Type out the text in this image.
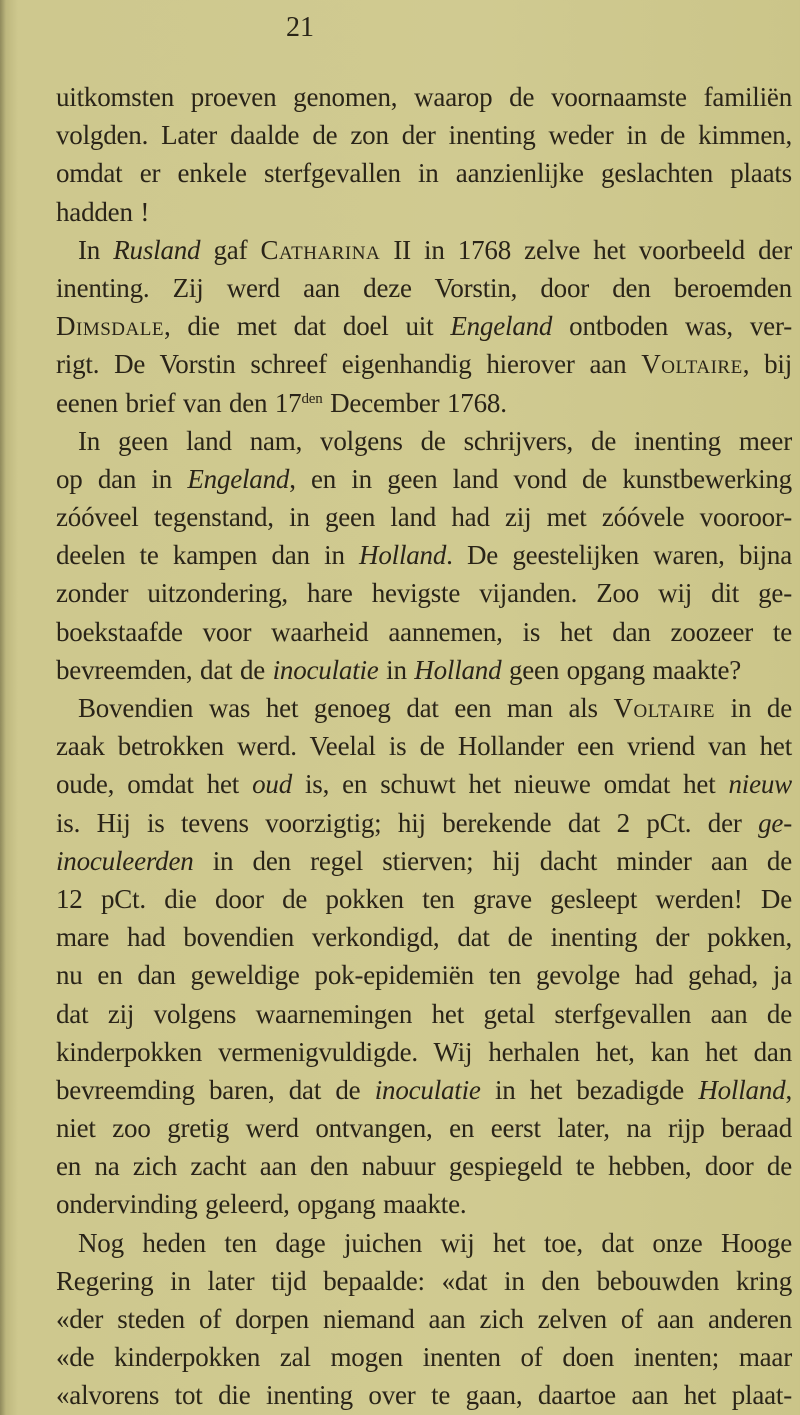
21
uitkomsten proeven genomen, waarop de voornaamste familiën
volgden. Later daalde de zon der inenting weder in de kimmen,
omdat er enkele sterfgevallen in aanzienlijke geslachten plaats
hadden !
In Rusland gaf Catharina II in 1768 zelve het voorbeeld der
inenting. Zij werd aan deze Vorstin, door den beroemden
Dimsdale, die met dat doel uit Engeland ontboden was, ver-
rigt. De Vorstin schreef eigenhandig hierover aan Voltaire, bij
eenen brief van den $17^{den}$ December 1768.
In geen land nam, volgens de schrijvers, de inenting meer
op dan in Engeland, en in geen land vond de kunstbewerking
zóóveel tegenstand, in geen land had zij met zóóvele vooroor-
deelen te kampen dan in Holland. De geestelijken waren, bijna
zonder uitzondering, hare hevigste vijanden. Zoo wij dit ge-
boekstaafde voor waarheid aannemen, is het dan zoozeer te
bevreemden, dat de inoculatie in Holland geen opgang maakte?
Bovendien was het genoeg dat een man als Voltaire in de
zaak betrokken werd. Veelal is de Hollander een vriend van het
oude, omdat het oud is, en schuwt het nieuwe omdat het nieuw
is. Hij is tevens voorzigtig; hij berekende dat 2 pCt. der ge-
inoculeerden in den regel stierven; hij dacht minder aan de
12 pCt. die door de pokken ten grave gesleept werden! De
mare had bovendien verkondigd, dat de inenting der pokken,
nu en dan geweldige pok-epidemiën ten gevolge had gehad, ja
dat zij volgens waarnemingen het getal sterfgevallen aan de
kinderpokken vermenigvuldigde. Wij herhalen het, kan het dan
bevreemding baren, dat de inoculatie in het bezadigde Holland,
niet zoo gretig werd ontvangen, en eerst later, na rijp beraad
en na zich zacht aan den nabuur gespiegeld te hebben, door de
ondervinding geleerd, opgang maakte.
Nog heden ten dage juichen wij het toe, dat onze Hooge
Regering in later tijd bepaalde: «dat in den bebouwden kring
«der steden of dorpen niemand aan zich zelven of aan anderen
«de kinderpokken zal mogen inenten of doen inenten; maar
«alvorens tot die inenting over te gaan, daartoe aan het plaat-
